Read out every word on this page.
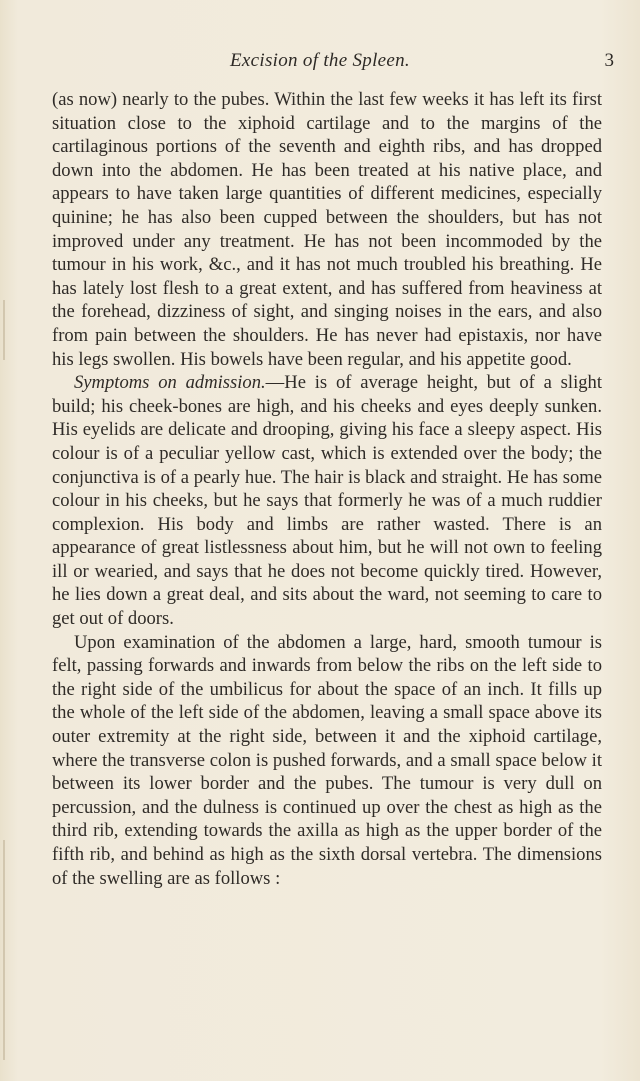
Excision of the Spleen.	3

(as now) nearly to the pubes. Within the last few weeks it has left its first situation close to the xiphoid cartilage and to the margins of the cartilaginous portions of the seventh and eighth ribs, and has dropped down into the abdomen. He has been treated at his native place, and appears to have taken large quantities of different medicines, especially quinine; he has also been cupped between the shoulders, but has not improved under any treatment. He has not been incommoded by the tumour in his work, &c., and it has not much troubled his breathing. He has lately lost flesh to a great extent, and has suffered from heaviness at the forehead, dizziness of sight, and singing noises in the ears, and also from pain between the shoulders. He has never had epistaxis, nor have his legs swollen. His bowels have been regular, and his appetite good.

Symptoms on admission.—He is of average height, but of a slight build; his cheek-bones are high, and his cheeks and eyes deeply sunken. His eyelids are delicate and drooping, giving his face a sleepy aspect. His colour is of a peculiar yellow cast, which is extended over the body; the conjunctiva is of a pearly hue. The hair is black and straight. He has some colour in his cheeks, but he says that formerly he was of a much ruddier complexion. His body and limbs are rather wasted. There is an appearance of great listlessness about him, but he will not own to feeling ill or wearied, and says that he does not become quickly tired. However, he lies down a great deal, and sits about the ward, not seeming to care to get out of doors.

Upon examination of the abdomen a large, hard, smooth tumour is felt, passing forwards and inwards from below the ribs on the left side to the right side of the umbilicus for about the space of an inch. It fills up the whole of the left side of the abdomen, leaving a small space above its outer extremity at the right side, between it and the xiphoid cartilage, where the transverse colon is pushed forwards, and a small space below it between its lower border and the pubes. The tumour is very dull on percussion, and the dulness is continued up over the chest as high as the third rib, extending towards the axilla as high as the upper border of the fifth rib, and behind as high as the sixth dorsal vertebra. The dimensions of the swelling are as follows :
